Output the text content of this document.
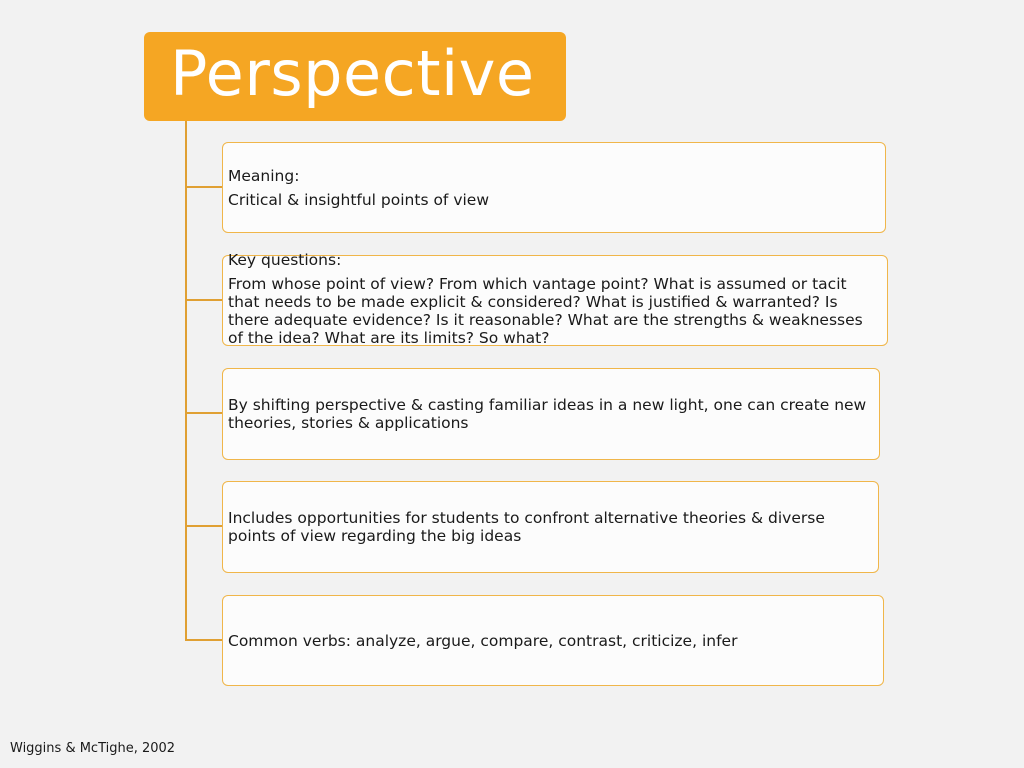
Perspective

Meaning:

Critical & insightful points of view

Key questions:

From whose point of view? From which vantage point? What is assumed or tacit that needs to be made explicit & considered? What is justified & warranted? Is there adequate evidence? Is it reasonable? What are the strengths & weaknesses of the idea? What are its limits? So what?

By shifting perspective & casting familiar ideas in a new light, one can create new theories, stories & applications

Includes opportunities for students to confront alternative theories & diverse points of view regarding the big ideas

Common verbs: analyze, argue, compare, contrast, criticize, infer

Wiggins & McTighe, 2002
